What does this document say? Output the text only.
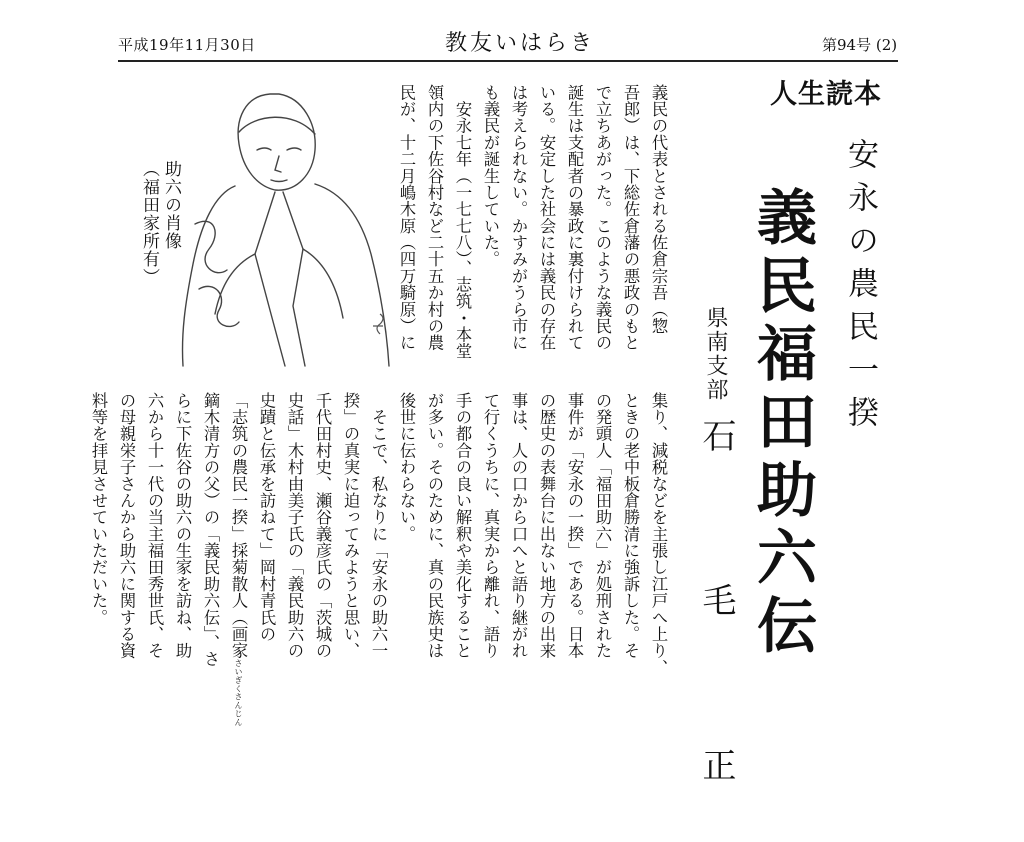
平成19年11月30日	教友いはらき	第94号 (2)
人生読本
安永の農民一揆
義民福田助六伝
県南支部
石 毛 正
義民の代表とされる佐倉宗吾（惣
吾郎）は、下総佐倉藩の悪政のもと
で立ちあがった。このような義民の
誕生は支配者の暴政に裏付けられて
いる。安定した社会には義民の存在
は考えられない。かすみがうら市に
も義民が誕生していた。
　安永七年（一七七八）、志筑・本堂
領内の下佐谷村など二十五か村の農
民が、十二月嶋木原（四万騎原）に
集り、減税などを主張し江戸へ上り、
ときの老中板倉勝清に強訴した。そ
の発頭人「福田助六」が処刑された
事件が「安永の一揆」である。日本
の歴史の表舞台に出ない地方の出来
事は、人の口から口へと語り継がれ
て行くうちに、真実から離れ、語り
手の都合の良い解釈や美化すること
が多い。そのために、真の民族史は
後世に伝わらない。
　そこで、私なりに「安永の助六一
揆」の真実に迫ってみようと思い、
千代田村史、瀬谷義彦氏の「茨城の
史話」木村由美子氏の「義民助六の
史蹟と伝承を訪ねて」岡村青氏の
「志筑の農民一揆」採菊散人（画家さいぎくさんじん
鏑木清方の父）の「義民助六伝」、さ
らに下佐谷の助六の生家を訪ね、助
六から十一代の当主福田秀世氏、そ
の母親栄子さんから助六に関する資
料等を拝見させていただいた。
助六の肖像
（福田家所有）
